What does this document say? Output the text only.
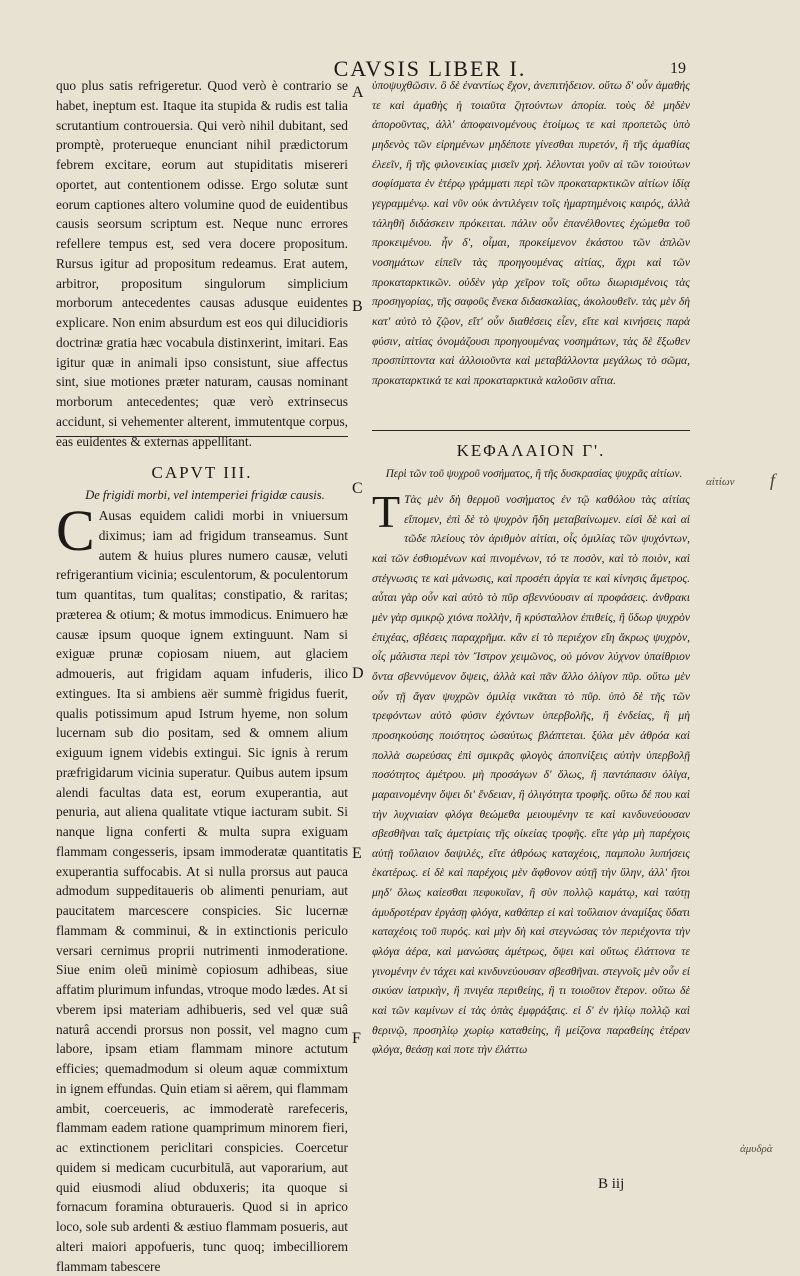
CAVSIS LIBER I.	19

quo plus satis refrigeretur. Quod verò è contrario se habet, ineptum est. Itaque ita stupida & rudis est talia scrutantium controuersia. Qui verò nihil dubitant, sed promptè, proterueque enunciant nihil prædictorum febrem excitare, eorum aut stupiditatis misereri oportet, aut contentionem odisse. Ergo solutæ sunt eorum captiones altero volumine quod de euidentibus causis seorsum scriptum est. Neque nunc errores refellere tempus est, sed vera docere propositum. Rursus igitur ad propositum redeamus. Erat autem, arbitror, propositum singulorum simplicium morborum antecedentes causas adusque euidentes explicare. Non enim absurdum est eos qui dilucidioris doctrinæ gratia hæc vocabula distinxerint, imitari. Eas igitur quæ in animali ipso consistunt, siue affectus sint, siue motiones præter naturam, causas nominant morborum antecedentes; quæ verò extrinsecus accidunt, si vehementer alterent, immutentque corpus, eas euidentes & externas appellitant.

ὑποψυχθῶσιν. ὃ δὲ ἐναντίως ἔχον, ἀνεπιτήδειον. οὕτω δ' οὖν ἀμαθής τε καὶ ἀμαθὴς ἡ τοιαῦτα ζητούντων ἀπορία. τοὺς δὲ μηδὲν ἀποροῦντας, ἀλλ' ἀποφαινομένους ἑτοίμως τε καὶ προπετῶς ὑπὸ μηδενὸς τῶν εἰρημένων μηδέποτε γίνεσθαι πυρετόν, ἢ τῆς ἀμαθίας ἐλεεῖν, ἢ τῆς φιλονεικίας μισεῖν χρή. λέλυνται γοῦν αἱ τῶν τοιούτων σοφίσματα ἐν ἑτέρῳ γράμματι περὶ τῶν προκαταρκτικῶν αἰτίων ἰδίᾳ γεγραμμένῳ. καὶ νῦν οὐκ ἀντιλέγειν τοῖς ἡμαρτημένοις καιρός, ἀλλὰ τἀληθῆ διδάσκειν πρόκειται. πάλιν οὖν ἐπανέλθοντες ἐχώμεθα τοῦ προκειμένου. ἦν δ', οἶμαι, προκείμενον ἑκάστου τῶν ἁπλῶν νοσημάτων εἰπεῖν τὰς προηγουμένας αἰτίας, ἄχρι καὶ τῶν προκαταρκτικῶν. οὐδὲν γὰρ χεῖρον τοῖς οὕτω διωρισμένοις τὰς προσηγορίας, τῆς σαφοῦς ἕνεκα διδασκαλίας, ἀκολουθεῖν. τὰς μὲν δὴ κατ' αὐτὸ τὸ ζῷον, εἴτ' οὖν διαθέσεις εἶεν, εἴτε καὶ κινήσεις παρὰ φύσιν, αἰτίας ὀνομάζουσι προηγουμένας νοσημάτων, τὰς δὲ ἔξωθεν προσπίπτοντα καὶ ἀλλοιοῦντα καὶ μεταβάλλοντα μεγάλως τὸ σῶμα, προκαταρκτικά τε καὶ προκαταρκτικὰ καλοῦσιν αἴτια.

CAPVT III.
De frigidi morbi, vel intemperiei frigidæ causis.
ΚΕΦΑΛΑΙΟΝ Γ'.
Περὶ τῶν τοῦ ψυχροῦ νοσήματος, ἢ τῆς δυσκρασίας ψυχρᾶς αἰτίων.
C Ausas equidem calidi morbi in vniuersum diximus; iam ad frigidum transeamus. Sunt autem & huius plures numero causæ, veluti refrigerantium vicinia; esculentorum, & poculentorum tum quantitas, tum qualitas; constipatio, & raritas; præterea & otium; & motus immodicus. Enimuero hæ causæ ipsum quoque ignem extinguunt. Nam si exiguæ prunæ copiosam niuem, aut glaciem admoueris, aut frigidam aquam infuderis, ilico extingues. Ita si ambiens aër summè frigidus fuerit, qualis potissimum apud Istrum hyeme, non solum lucernam sub dio positam, sed & omnem alium exiguum ignem videbis extingui. Sic ignis à rerum præfrigidarum vicinia superatur. Quibus autem ipsum alendi facultas data est, eorum exuperantia, aut penuria, aut aliena qualitate vtique iacturam subit. Si nanque ligna conferti & multa supra exiguam flammam congesseris, ipsam immoderatæ quantitatis exuperantia suffocabis. At si nulla prorsus aut pauca admodum suppeditaueris ob alimenti penuriam, aut paucitatem marcescere conspicies. Sic lucernæ flammam & comminui, & in extinctionis periculo versari cernimus proprii nutrimenti inmoderatione. Siue enim oleū minimè copiosum adhibeas, siue affatim plurimum infundas, vtroque modo lædes. At si vberem ipsi materiam adhibueris, sed vel quæ suâ naturâ accendi prorsus non possit, vel magno cum labore, ipsam etiam flammam minore actutum efficies; quemadmodum si oleum aquæ commixtum in ignem effundas. Quin etiam si aërem, qui flammam ambit, coerceueris, ac immoderatè rarefeceris, flammam eadem ratione quamprimum minorem fieri, ac extinctionem periclitari conspicies. Coercetur quidem si medicam cucurbitulā, aut vaporarium, aut quid eiusmodi aliud obduxeris; ita quoque si fornacum foramina obturaueris. Quod si in aprico loco, sole sub ardenti & æstiuo flammam posueris, aut alteri maiori appofueris, tunc quoq; imbecilliorem flammam tabescere

Τ Τὰς μὲν δὴ θερμοῦ νοσήματος ἐν τῷ καθόλου τὰς αἰτίας εἴπομεν, ἐπὶ δὲ τὸ ψυχρὸν ἤδη μεταβαίνωμεν. εἰσὶ δὲ καὶ αἱ τῶδε πλείους τὸν ἀριθμὸν αἰτίαι, οἷς ὁμιλίας τῶν ψυχόντων, καὶ τῶν ἐσθιομένων καὶ πινομένων, τό τε ποσὸν, καὶ τὸ ποιὸν, καὶ στέγνωσις τε καὶ μάνωσις, καὶ προσέτι ἀργία τε καὶ κίνησις ἄμετρος. αὗται γὰρ οὖν καὶ αὐτὸ τὸ πῦρ σβεννύουσιν αἱ προφάσεις. ἀνθρακι μὲν γὰρ σμικρῷ χιόνα πολλὴν, ἢ κρύσταλλον ἐπιθείς, ἢ ὕδωρ ψυχρὸν ἐπιχέας, σβέσεις παραχρῆμα. κἂν εἰ τὸ περιέχον εἴη ἄκρως ψυχρὸν, οἷς μάλιστα περὶ τὸν Ἴστρον χειμῶνος, οὐ μόνον λύχνον ὑπαίθριον ὄντα σβεννύμενον ὄψεις, ἀλλὰ καὶ πᾶν ἄλλο ὀλίγον πῦρ. οὕτω μὲν οὖν τῇ ἄγαν ψυχρῶν ὁμιλίᾳ νικᾶται τὸ πῦρ. ὑπὸ δὲ τῆς τῶν τρεφόντων αὐτὸ φύσιν ἐχόντων ὑπερβολῆς, ἢ ἐνδείας, ἢ μὴ προσηκούσης ποιότητος ὡσαύτως βλάπτεται. ξύλα μὲν ἀθρόα καὶ πολλὰ σωρεύσας ἐπὶ σμικρᾶς φλογὸς ἀποπνίξεις αὐτὴν ὑπερβολῇ ποσότητος ἀμέτρου. μὴ προσάγων δ' ὅλως, ἢ παντάπασιν ὀλίγα, μαραινομένην ὄψει δι' ἔνδειαν, ἢ ὀλιγότητα τροφῆς. οὕτω δέ που καὶ τὴν λυχνιαίαν φλόγα θεώμεθα μειουμένην τε καὶ κινδυνεύουσαν σβεσθῆναι ταῖς ἀμετρίαις τῆς οἰκείας τροφῆς. εἴτε γὰρ μὴ παρέχοις αὐτῇ τοὔλαιον δαψιλές, εἴτε ἀθρόως καταχέοις, παμπολυ λυπήσεις ἑκατέρως. εἰ δὲ καὶ παρέχοις μὲν ἄφθονον αὐτῇ τὴν ὕλην, ἀλλ' ἤτοι μηδ' ὅλως καίεσθαι πεφυκυῖαν, ἢ σὺν πολλῷ καμάτῳ, καὶ ταύτῃ ἀμυδροτέραν ἐργάσῃ φλόγα, καθάπερ εἰ καὶ τοὔλαιον ἀναμίξας ὕδατι καταχέοις τοῦ πυρός. καὶ μὴν δὴ καὶ στεγνώσας τὸν περιέχοντα τὴν φλόγα ἀέρα, καὶ μανώσας ἀμέτρως, ὄψει καὶ οὕτως ἐλάττονα τε γινομένην ἐν τάχει καὶ κινδυνεύουσαν σβεσθῆναι. στεγνοῖς μὲν οὖν εἰ σικύαν ἰατρικὴν, ἢ πνιγέα περιθείης, ἢ τι τοιοῦτον ἕτερον. οὕτω δὲ καὶ τῶν καμίνων εἰ τὰς ὀπὰς ἐμφράξαις. εἰ δ' ἐν ἡλίῳ πολλῷ καὶ θερινῷ, προσηλίῳ χωρίῳ καταθείης, ἢ μείζονα παραθείης ἑτέραν φλόγα, θεάσῃ καὶ ποτε τὴν ἐλάττω

A
B
C
D
E
F
αἰτίων f
ἀμυδρὰ
B iij
